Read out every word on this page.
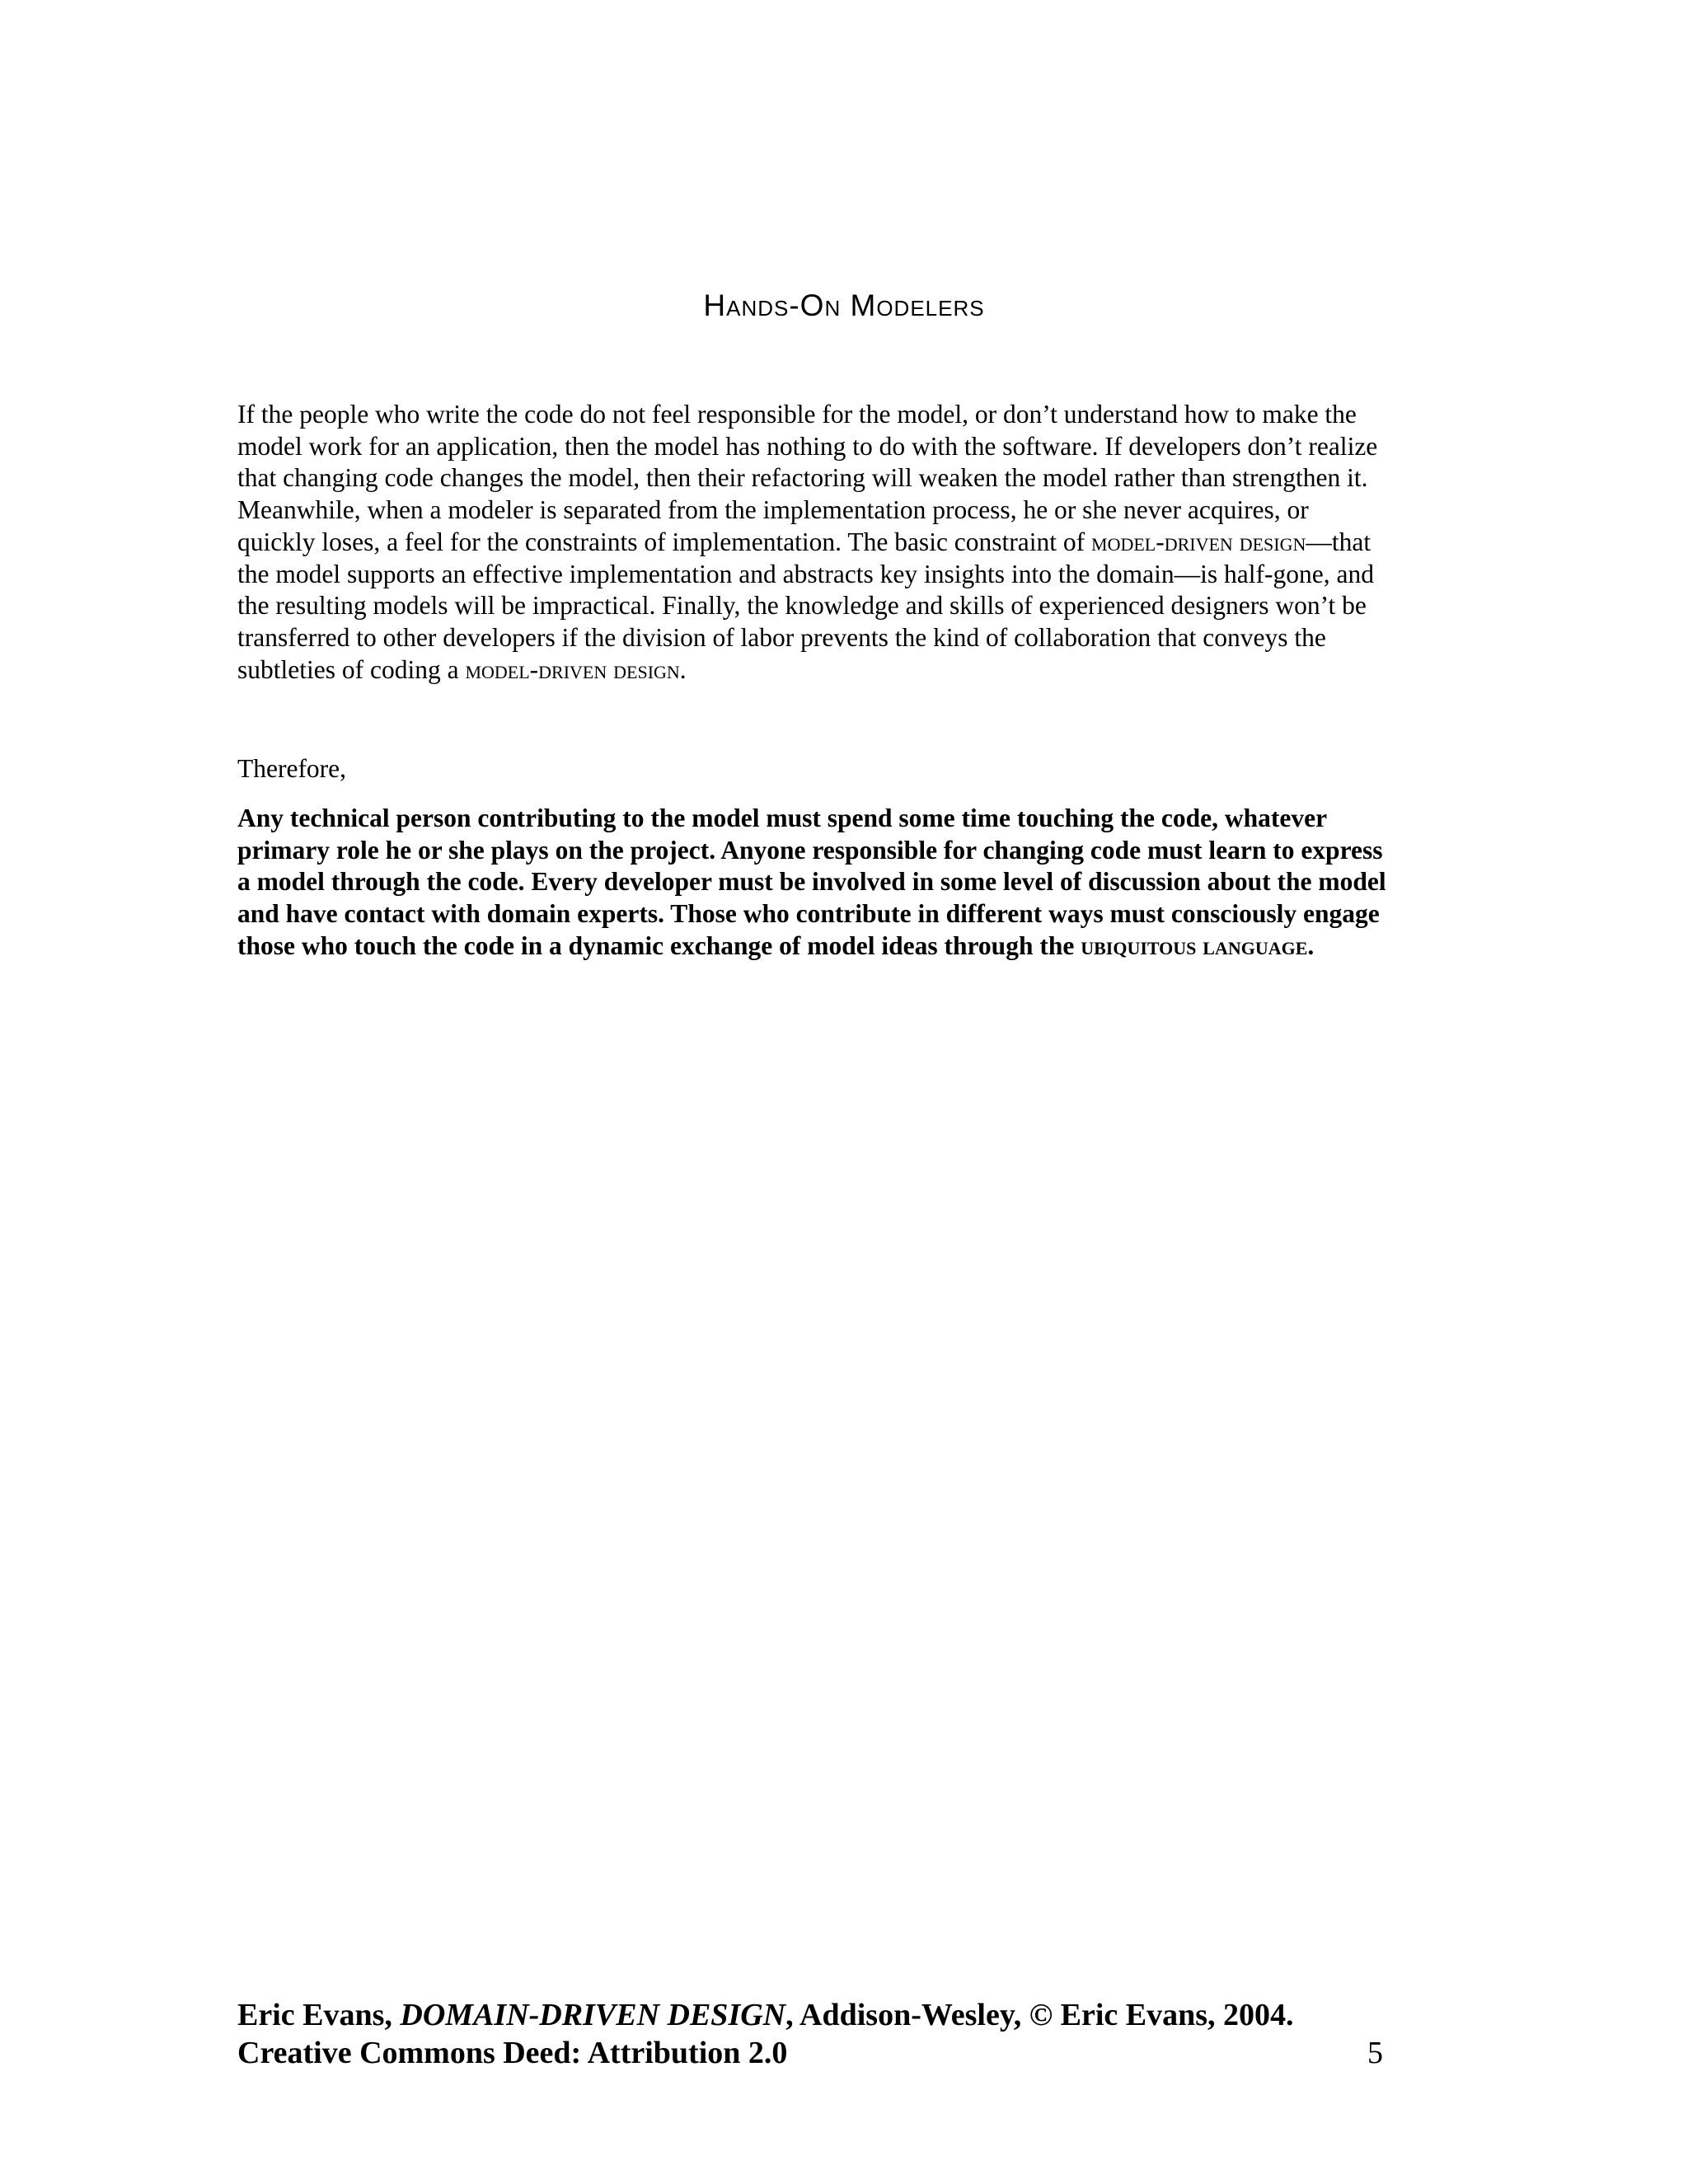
Hands-On Modelers

If the people who write the code do not feel responsible for the model, or don’t understand how to make the model work for an application, then the model has nothing to do with the software. If developers don’t realize that changing code changes the model, then their refactoring will weaken the model rather than strengthen it. Meanwhile, when a modeler is separated from the implementation process, he or she never acquires, or quickly loses, a feel for the constraints of implementation. The basic constraint of model-driven design—that the model supports an effective implementation and abstracts key insights into the domain—is half-gone, and the resulting models will be impractical. Finally, the knowledge and skills of experienced designers won’t be transferred to other developers if the division of labor prevents the kind of collaboration that conveys the subtleties of coding a model-driven design.

Therefore,

Any technical person contributing to the model must spend some time touching the code, whatever primary role he or she plays on the project. Anyone responsible for changing code must learn to express a model through the code. Every developer must be involved in some level of discussion about the model and have contact with domain experts. Those who contribute in different ways must consciously engage those who touch the code in a dynamic exchange of model ideas through the ubiquitous language.

Eric Evans, DOMAIN-DRIVEN DESIGN, Addison-Wesley, © Eric Evans, 2004.
Creative Commons Deed: Attribution 2.0	5
